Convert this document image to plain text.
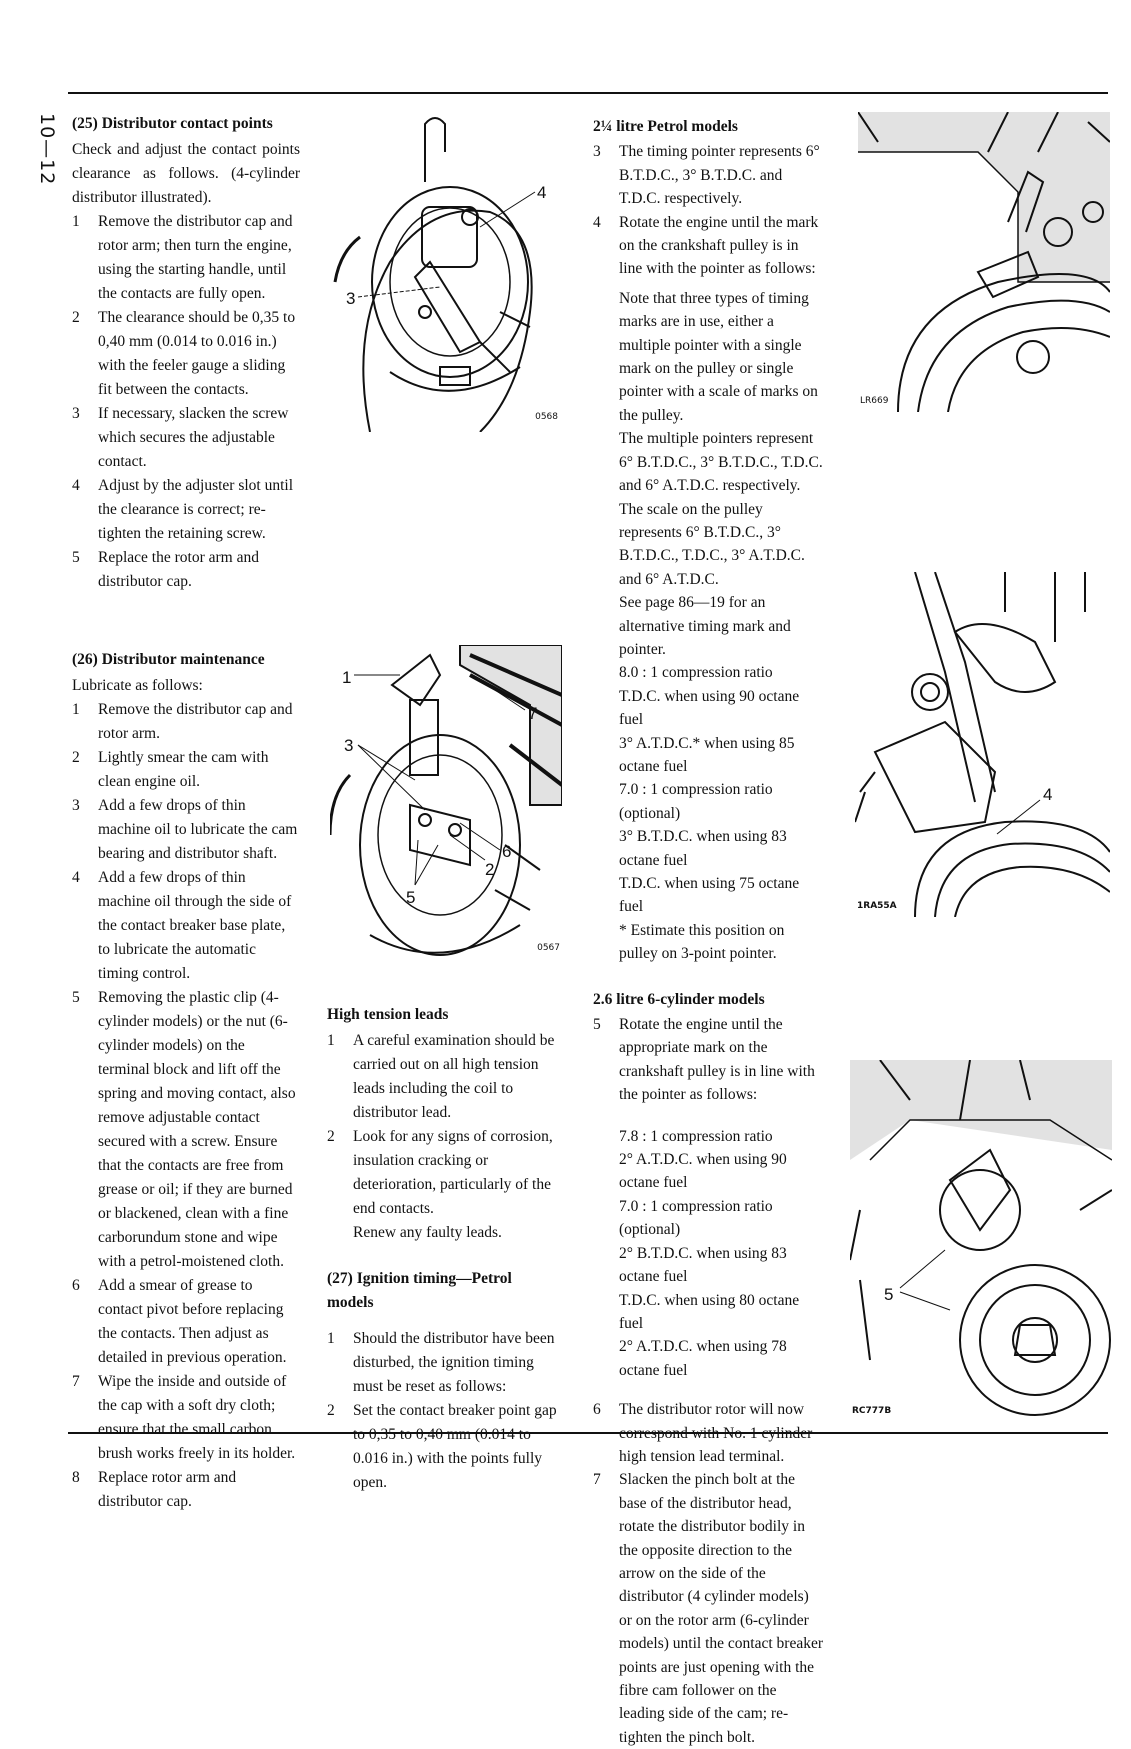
10—12 (25) Distributor contact points

Check and adjust the contact points clearance as follows. (4-cylinder distributor illustrated).

1 Remove the distributor cap and rotor arm; then turn the engine, using the starting handle, until the contacts are fully open.
2 The clearance should be 0,35 to 0,40 mm (0.014 to 0.016 in.) with the feeler gauge a sliding fit between the contacts.
3 If necessary, slacken the screw which secures the adjustable contact.
4 Adjust by the adjuster slot until the clearance is correct; re-tighten the retaining screw.
5 Replace the rotor arm and distributor cap.
(26) Distributor maintenance

Lubricate as follows:

1 Remove the distributor cap and rotor arm.
2 Lightly smear the cam with clean engine oil.
3 Add a few drops of thin machine oil to lubricate the cam bearing and distributor shaft.
4 Add a few drops of thin machine oil through the side of the contact breaker base plate, to lubricate the automatic timing control.
5 Removing the plastic clip (4-cylinder models) or the nut (6-cylinder models) on the terminal block and lift off the spring and moving contact, also remove adjustable contact secured with a screw. Ensure that the contacts are free from grease or oil; if they are burned or blackened, clean with a fine carborundum stone and wipe with a petrol-moistened cloth.
6 Add a smear of grease to contact pivot before replacing the contacts. Then adjust as detailed in previous operation.
7 Wipe the inside and outside of the cap with a soft dry cloth; ensure that the small carbon brush works freely in its holder.
8 Replace rotor arm and distributor cap.
4
3
0568
1
7
3
6
2
5
0567
High tension leads
1 A careful examination should be carried out on all high tension leads including the coil to distributor lead.
2 Look for any signs of corrosion, insulation cracking or deterioration, particularly of the end contacts.

Renew any faulty leads.

(27) Ignition timing—Petrol models
1 Should the distributor have been disturbed, the ignition timing must be reset as follows:
2 Set the contact breaker point gap to 0,35 to 0,40 mm (0.014 to 0.016 in.) with the points fully open.
2¼ litre Petrol models
3 The timing pointer represents 6° B.T.D.C., 3° B.T.D.C. and T.D.C. respectively.
4 Rotate the engine until the mark on the crankshaft pulley is in line with the pointer as follows:

Note that three types of timing marks are in use, either a multiple pointer with a single mark on the pulley or single pointer with a scale of marks on the pulley.

The multiple pointers represent 6° B.T.D.C., 3° B.T.D.C., T.D.C. and 6° A.T.D.C. respectively.

The scale on the pulley represents 6° B.T.D.C., 3° B.T.D.C., T.D.C., 3° A.T.D.C. and 6° A.T.D.C.

See page 86—19 for an alternative timing mark and pointer.

8.0 : 1 compression ratio

T.D.C. when using 90 octane fuel

3° A.T.D.C.* when using 85 octane fuel

7.0 : 1 compression ratio (optional)

3° B.T.D.C. when using 83 octane fuel

T.D.C. when using 75 octane fuel

* Estimate this position on pulley on 3-point pointer.

2.6 litre 6-cylinder models
5 Rotate the engine until the appropriate mark on the crankshaft pulley is in line with the pointer as follows:

7.8 : 1 compression ratio

2° A.T.D.C. when using 90 octane fuel

7.0 : 1 compression ratio (optional)

2° B.T.D.C. when using 83 octane fuel

T.D.C. when using 80 octane fuel

2° A.T.D.C. when using 78 octane fuel

6 The distributor rotor will now correspond with No. 1 cylinder high tension lead terminal.
7 Slacken the pinch bolt at the base of the distributor head, rotate the distributor bodily in the opposite direction to the arrow on the side of the distributor (4 cylinder models) or on the rotor arm (6-cylinder models) until the contact breaker points are just opening with the fibre cam follower on the leading side of the cam; re-tighten the pinch bolt.
LR669
4
1RA55A
5
RC777B
